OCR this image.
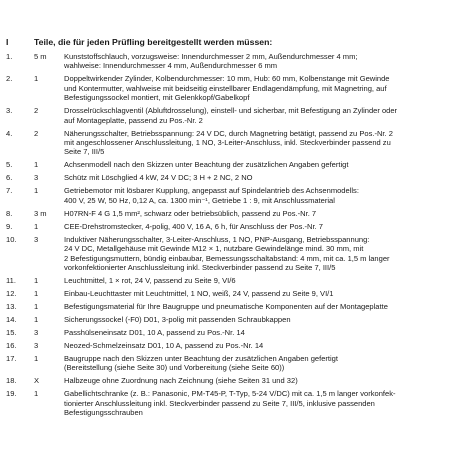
I	Teile, die für jeden Prüfling bereitgestellt werden müssen:
1.	5 m	Kunststoffschlauch, vorzugsweise: Innendurchmesser 2 mm, Außendurchmesser 4 mm;
wahlweise: Innendurchmesser 4 mm, Außendurchmesser 6 mm
2.	1	Doppeltwirkender Zylinder, Kolbendurchmesser: 10 mm, Hub: 60 mm, Kolbenstange mit Gewinde
und Kontermutter, wahlweise mit beidseitig einstellbarer Endlagendämpfung, mit Magnetring, auf
Befestigungssockel montiert, mit Gelenkkopf/Gabelkopf
3.	2	Drosselrückschlagventil (Abluftdrosselung), einstell- und sicherbar, mit Befestigung an Zylinder oder
auf Montageplatte, passend zu Pos.-Nr. 2
4.	2	Näherungsschalter, Betriebsspannung: 24 V DC, durch Magnetring betätigt, passend zu Pos.-Nr. 2
mit angeschlossener Anschlussleitung, 1 NO, 3-Leiter-Anschluss, inkl. Steckverbinder passend zu
Seite 7, III/5
5.	1	Achsenmodell nach den Skizzen unter Beachtung der zusätzlichen Angaben gefertigt
6.	3	Schütz mit Löschglied 4 kW, 24 V DC; 3 H + 2 NC, 2 NO
7.	1	Getriebemotor mit lösbarer Kupplung, angepasst auf Spindelantrieb des Achsenmodells:
400 V, 25 W, 50 Hz, 0,12 A, ca. 1300 min⁻¹, Getriebe 1 : 9, mit Anschlussmaterial
8.	3 m	H07RN-F 4 G 1,5 mm², schwarz oder betriebsüblich, passend zu Pos.-Nr. 7
9.	1	CEE-Drehstromstecker, 4-polig, 400 V, 16 A, 6 h, für Anschluss der Pos.-Nr. 7
10.	3	Induktiver Näherungsschalter, 3-Leiter-Anschluss, 1 NO, PNP-Ausgang, Betriebsspannung:
24 V DC, Metallgehäuse mit Gewinde M12 × 1, nutzbare Gewindelänge mind. 30 mm, mit
2 Befestigungsmuttern, bündig einbaubar, Bemessungsschaltabstand: 4 mm, mit ca. 1,5 m langer
vorkonfektionierter Anschlussleitung inkl. Steckverbinder passend zu Seite 7, III/5
11.	1	Leuchtmittel, 1 × rot, 24 V, passend zu Seite 9, VI/6
12.	1	Einbau-Leuchttaster mit Leuchtmittel, 1 NO, weiß, 24 V, passend zu Seite 9, VI/1
13.	1	Befestigungsmaterial für Ihre Baugruppe und pneumatische Komponenten auf der Montageplatte
14.	1	Sicherungssockel (-F0) D01, 3-polig mit passenden Schraubkappen
15.	3	Passhülseneinsatz D01, 10 A, passend zu Pos.-Nr. 14
16.	3	Neozed-Schmelzeinsatz D01, 10 A, passend zu Pos.-Nr. 14
17.	1	Baugruppe nach den Skizzen unter Beachtung der zusätzlichen Angaben gefertigt
(Bereitstellung (siehe Seite 30) und Vorbereitung (siehe Seite 60))
18.	X	Halbzeuge ohne Zuordnung nach Zeichnung (siehe Seiten 31 und 32)
19.	1	Gabellichtschranke (z. B.: Panasonic, PM-T45-P, T-Typ, 5-24 V/DC) mit ca. 1,5 m langer vorkonfek-
tionierter Anschlussleitung inkl. Steckverbinder passend zu Seite 7, III/5, inklusive passenden
Befestigungsschrauben
